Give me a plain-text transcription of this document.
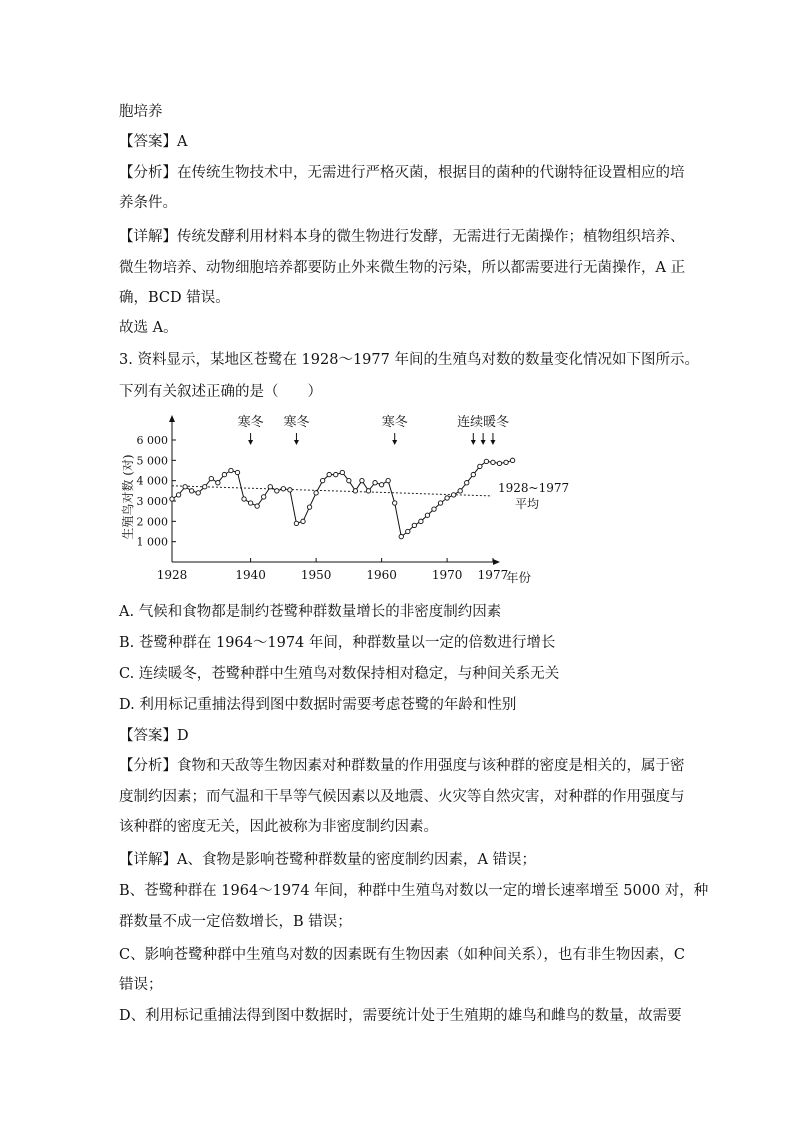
胞培养
【答案】A
【分析】在传统生物技术中，无需进行严格灭菌，根据目的菌种的代谢特征设置相应的培
养条件。
【详解】传统发酵利用材料本身的微生物进行发酵，无需进行无菌操作；植物组织培养、
微生物培养、动物细胞培养都要防止外来微生物的污染，所以都需要进行无菌操作，A 正
确，BCD 错误。
故选 A。
3. 资料显示，某地区苍鹭在 1928～1977 年间的生殖鸟对数的数量变化情况如下图所示。
下列有关叙述正确的是（　　）
1 000
2 000
3 000
4 000
5 000
6 000
1928	1940	1950	1960	1970 1977
寒冬 寒冬	寒冬	连续暖冬
生殖鸟对数 (对)
年份
1928~1977
平均
A. 气候和食物都是制约苍鹭种群数量增长的非密度制约因素
B. 苍鹭种群在 1964～1974 年间，种群数量以一定的倍数进行增长
C. 连续暖冬，苍鹭种群中生殖鸟对数保持相对稳定，与种间关系无关
D. 利用标记重捕法得到图中数据时需要考虑苍鹭的年龄和性别
【答案】D
【分析】食物和天敌等生物因素对种群数量的作用强度与该种群的密度是相关的，属于密
度制约因素；而气温和干旱等气候因素以及地震、火灾等自然灾害，对种群的作用强度与
该种群的密度无关，因此被称为非密度制约因素。
【详解】A、食物是影响苍鹭种群数量的密度制约因素，A 错误；
B、苍鹭种群在 1964～1974 年间，种群中生殖鸟对数以一定的增长速率增至 5000 对，种
群数量不成一定倍数增长，B 错误；
C、影响苍鹭种群中生殖鸟对数的因素既有生物因素（如种间关系），也有非生物因素，C
错误；
D、利用标记重捕法得到图中数据时，需要统计处于生殖期的雄鸟和雌鸟的数量，故需要
